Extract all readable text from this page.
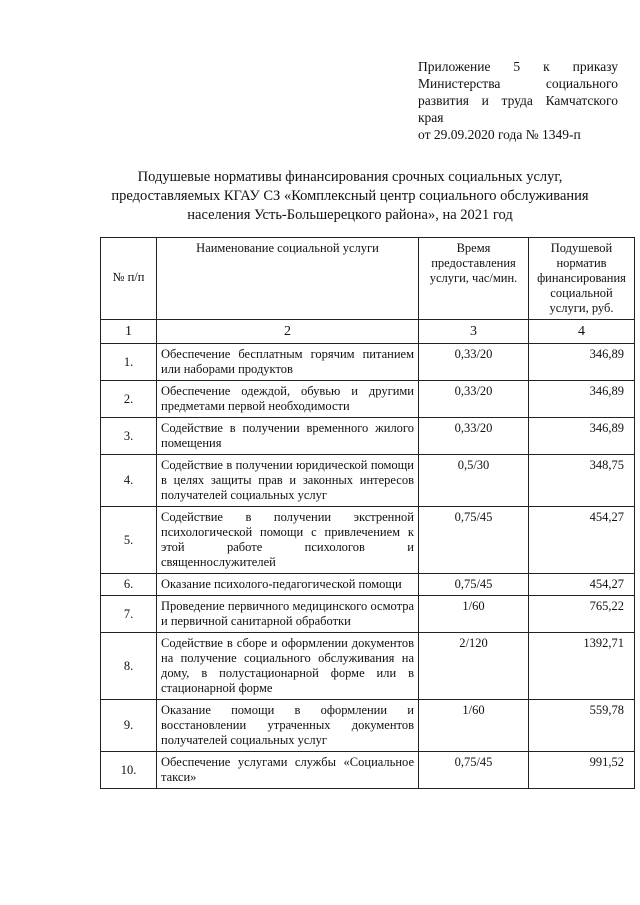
Приложение 5 к приказу
Министерства социального
развития и труда Камчатского
края
от 29.09.2020 года № 1349-п
Подушевые нормативы финансирования срочных социальных услуг,
предоставляемых КГАУ СЗ «Комплексный центр социального обслуживания
населения Усть-Большерецкого района», на 2021 год
№ п/п	Наименование социальной услуги	Время предоставления услуги, час/мин.	Подушевой норматив финансирования социальной услуги, руб.
1	2	3	4
1.	Обеспечение бесплатным горячим питанием или наборами продуктов	0,33/20	346,89
2.	Обеспечение одеждой, обувью и другими предметами первой необходимости	0,33/20	346,89
3.	Содействие в получении временного жилого помещения	0,33/20	346,89
4.	Содействие в получении юридической помощи в целях защиты прав и законных интересов получателей социальных услуг	0,5/30	348,75
5.	Содействие в получении экстренной психологической помощи с привлечением к этой работе психологов и священнослужителей	0,75/45	454,27
6.	Оказание психолого-педагогической помощи	0,75/45	454,27
7.	Проведение первичного медицинского осмотра и первичной санитарной обработки	1/60	765,22
8.	Содействие в сборе и оформлении документов на получение социального обслуживания на дому, в полустационарной форме или в стационарной форме	2/120	1392,71
9.	Оказание помощи в оформлении и восстановлении утраченных документов получателей социальных услуг	1/60	559,78
10.	Обеспечение услугами службы «Социальное такси»	0,75/45	991,52
